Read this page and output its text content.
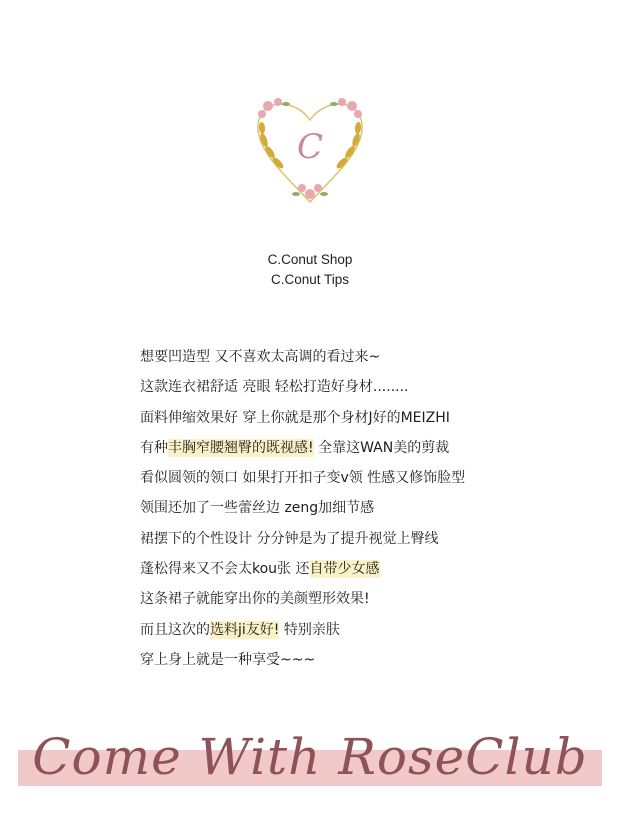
C
C.Conut Shop
C.Conut Tips

想要凹造型 又不喜欢太高调的看过来~

这款连衣裙舒适 亮眼 轻松打造好身材........

面料伸缩效果好 穿上你就是那个身材J好的MEIZHI

有种丰胸窄腰翘臀的既视感! 全靠这WAN美的剪裁

看似圆领的领口 如果打开扣子变v领 性感又修饰脸型

领围还加了一些蕾丝边 zeng加细节感

裙摆下的个性设计 分分钟是为了提升视觉上臀线

蓬松得来又不会太kou张 还自带少女感

这条裙子就能穿出你的美颜塑形效果!

而且这次的选料ji友好! 特别亲肤

穿上身上就是一种享受~~~

Come With RoseClub
